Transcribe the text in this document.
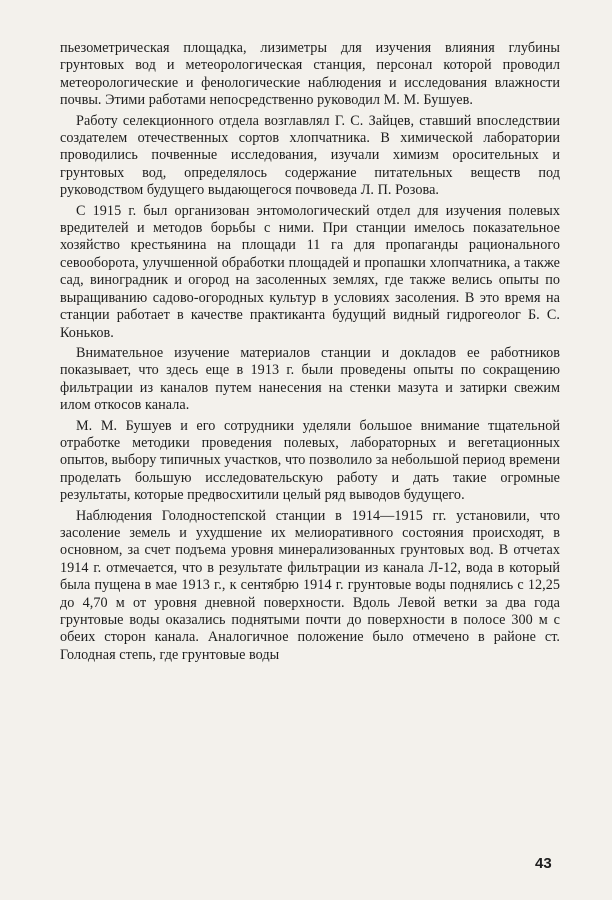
пьезометрическая площадка, лизиметры для изучения влияния глубины грунтовых вод и метеорологическая станция, персонал которой проводил метеорологические и фенологические наблюдения и исследования влажности почвы. Этими работами непосредственно руководил М. М. Бушуев.

Работу селекционного отдела возглавлял Г. С. Зайцев, ставший впоследствии создателем отечественных сортов хлопчатника. В химической лаборатории проводились почвенные исследования, изучали химизм оросительных и грунтовых вод, определялось содержание питательных веществ под руководством будущего выдающегося почвоведа Л. П. Розова.

С 1915 г. был организован энтомологический отдел для изучения полевых вредителей и методов борьбы с ними. При станции имелось показательное хозяйство крестьянина на площади 11 га для пропаганды рационального севооборота, улучшенной обработки площадей и пропашки хлопчатника, а также сад, виноградник и огород на засоленных землях, где также велись опыты по выращиванию садово-огородных культур в условиях засоления. В это время на станции работает в качестве практиканта будущий видный гидрогеолог Б. С. Коньков.

Внимательное изучение материалов станции и докладов ее работников показывает, что здесь еще в 1913 г. были проведены опыты по сокращению фильтрации из каналов путем нанесения на стенки мазута и затирки свежим илом откосов канала.

М. М. Бушуев и его сотрудники уделяли большое внимание тщательной отработке методики проведения полевых, лабораторных и вегетационных опытов, выбору типичных участков, что позволило за небольшой период времени проделать большую исследовательскую работу и дать такие огромные результаты, которые предвосхитили целый ряд выводов будущего.

Наблюдения Голодностепской станции в 1914—1915 гг. установили, что засоление земель и ухудшение их мелиоративного состояния происходят, в основном, за счет подъема уровня минерализованных грунтовых вод. В отчетах 1914 г. отмечается, что в результате фильтрации из канала Л-12, вода в который была пущена в мае 1913 г., к сентябрю 1914 г. грунтовые воды поднялись с 12,25 до 4,70 м от уровня дневной поверхности. Вдоль Левой ветки за два года грунтовые воды оказались поднятыми почти до поверхности в полосе 300 м с обеих сторон канала. Аналогичное положение было отмечено в районе ст. Голодная степь, где грунтовые воды

43
